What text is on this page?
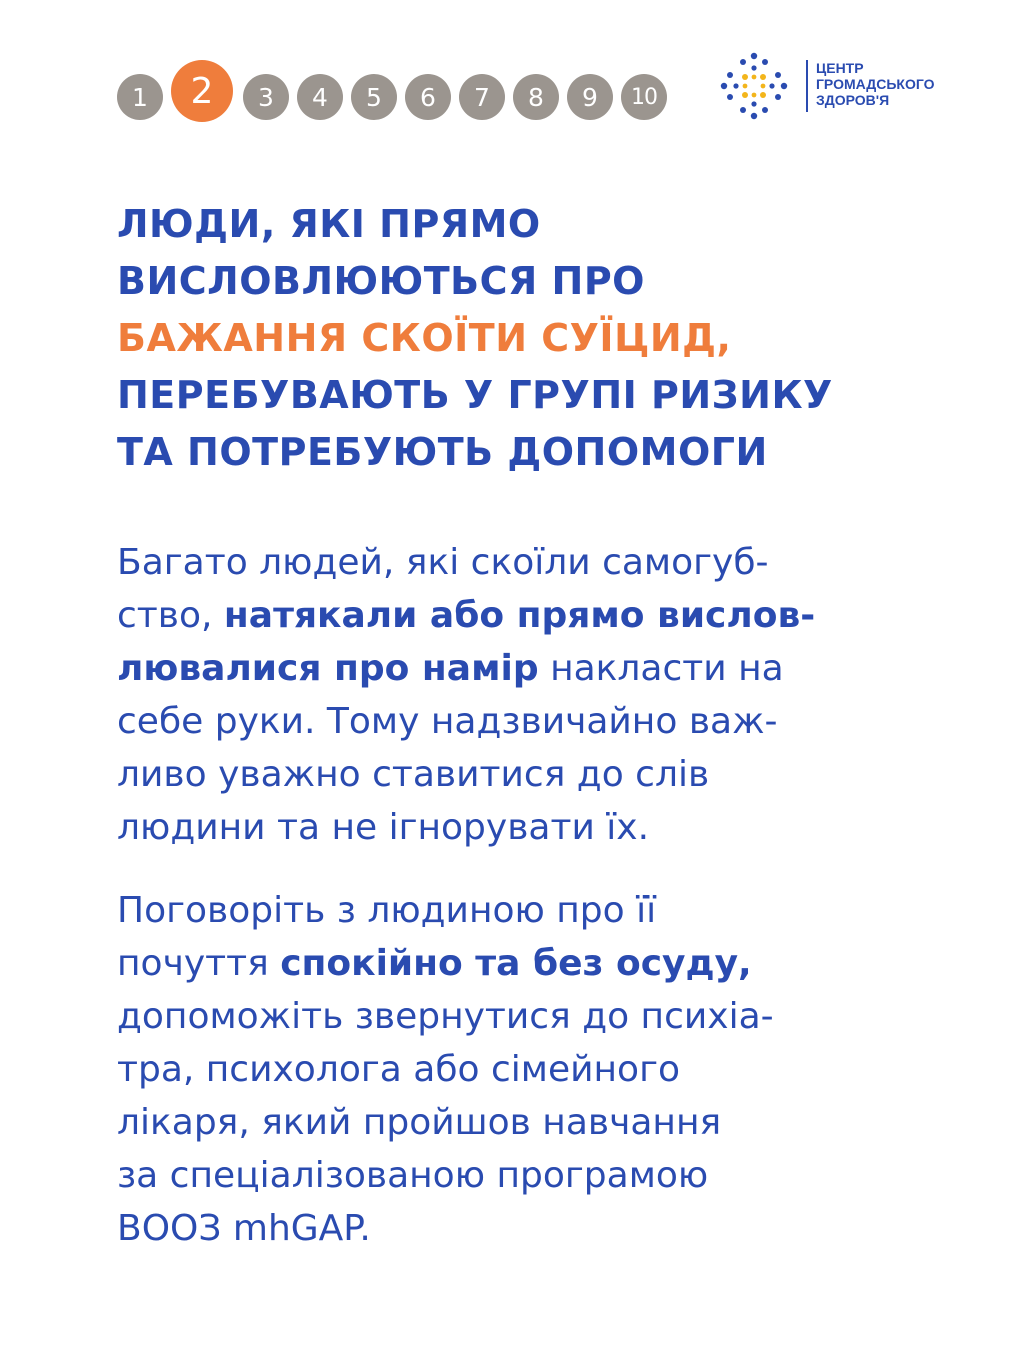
1	2	3	4	5	6	7	8	9	10
ЦЕНТР
ГРОМАДСЬКОГО
ЗДОРОВ'Я
ЛЮДИ, ЯКІ ПРЯМО
ВИСЛОВЛЮЮТЬСЯ ПРО
БАЖАННЯ СКОЇТИ СУЇЦИД,
ПЕРЕБУВАЮТЬ У ГРУПІ РИЗИКУ
ТА ПОТРЕБУЮТЬ ДОПОМОГИ

Багато людей, які скоїли самогуб-
ство, натякали або прямо вислов-
лювалися про намір накласти на
себе руки. Тому надзвичайно важ-
ливо уважно ставитися до слів
людини та не ігнорувати їх.

Поговоріть з людиною про її
почуття спокійно та без осуду,
допоможіть звернутися до психіа-
тра, психолога або сімейного
лікаря, який пройшов навчання
за спеціалізованою програмою
ВООЗ mhGAP.
